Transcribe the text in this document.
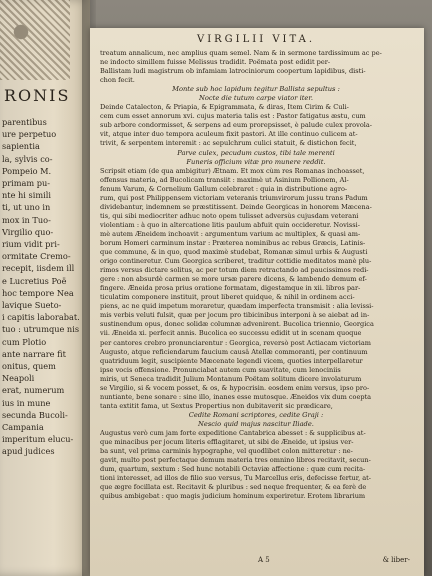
RONIS
parentibus
ure perpetuo
sapientia
la, sylvis co-
Pompeio M.
primam pu-
nte hi simili
ti, ut uno in
mox in Tuo-
Virgilio quo-
rium vidit pri-
ormitate Cremo-
recepit, iisdem ill
e Lucretius Poë
hoc tempore Nea
lavique Sueto-
i capitis laborabat.
tuo : utrumque nis
cum Plotio
ante narrare fit
onitus, quem
Neapoli
erat, numerum
ius in mune
secunda Bucoli-
Campania
imperitum elucu-
apud judices
VIRGILII VITA.
treatum annalicum, nec amplius quam semel. Nam & in sermone tardissimum ac pe-
ne indocto simillem fuisse Melissus tradidit. Poëmata post edidit per-
Ballistam ludi magistrum ob infamiam latrociniorum coopertum lapidibus, disti-
chon fecit.
Monte sub hoc lapidum tegitur Ballista sepultus :
Nocte die tutum carpe viator iter.
Deinde Catalecton, & Priapia, & Epigrammata, & diras, Item Cirim & Culi-
cem cum esset annorum xvi. cujus materia talis est : Pastor fatigatus æstu, cum
sub arbore condormisset, & serpens ad eum prorepsisset, è palude culex provola-
vit, atque inter duo tempora aculeum fixit pastori. At ille continuo culicem at-
trivit, & serpentem interemit : ac sepulchrum culici statuit, & distichon fecit,
Parve culex, pecudum custos, tibi tale merenti
Funeris officium vitæ pro munere reddit.
Scripsit etiam (de qua ambigitur) Ætnam. Et mox cùm res Romanas inchoasset,
offensus materia, ad Bucolicam transiit : maximè ut Asinium Pollionem, Al-
fenum Varum, & Cornelium Gallum celebraret : quia in distributione agro-
rum, qui post Philippensem victoriam veteranis triumvirorum jussu trans Padum
dividebantur, indemnem se præstitissent. Deinde Georgicas in honorem Mæcena-
tis, qui sibi mediocriter adhuc noto opem tulisset adversùs cujusdam veterani
violentiam : à quo in altercatione litis paulum abfuit quin occideretur. Novissi-
mè autem Æneidem inchoavit : argumentum varium ac multiplex, & quasi am-
borum Homeri carminum instar : Præterea nominibus ac rebus Græcis, Latinis-
que commune, & in quo, quod maximè studebat, Romanæ simul urbis & Augusti
origo contineretur. Cum Georgica scriberet, traditur cottidie meditatos manè plu-
rimos versus dictare solitus, ac per totum diem retractando ad paucissimos redi-
gere : non absurdè carmen se more ursæ parere dicens, & lambendo demum ef-
fingere. Æneida prosa prius oratione formatam, digestamque in xii. libros par-
ticulatim componere instituit, prout liberet quidque, & nihil in ordinem acci-
piens, ac ne quid impetum moraretur, quædam imperfecta transmisit : alia levissi-
mis verbis veluti fulsit, quæ per jocum pro tibicinibus interponi à se aiebat ad in-
sustinendum opus, donec solidæ columnæ advenirent. Bucolica triennio, Georgica
vii. Æneida xi. perfecit annis. Bucolica eo successu edidit ut in scenam quoque
per cantores crebro pronunciarentur : Georgica, reversò post Actiacam victoriam
Augusto, atque reficiendarum faucium causâ Atellæ commoranti, per continuum
quatriduum legit, suscipiente Mæcenate legendi vicem, quoties interpellaretur
ipse vocis offensione. Pronunciabat autem cum suavitate, cum lenociniis
miris, ut Seneca tradidit Julium Montanum Poëtam solitum dicere involaturum
se Virgilio, si & vocem posset, & os, & hypocrisin. eosdem enim versus, ipso pro-
nuntiante, bene sonare : sine illo, inanes esse mutosque. Æneidos vix dum coepta
tanta extitit fama, ut Sextus Propertius non dubitaverit sic prædicare,
Cedite Romani scriptores, cedite Graji :
Nescio quid majus nascitur Iliade.
Augustus verò cum jam forte expeditione Cantabrica abesset : & supplicibus at-
que minacibus per jocum literis efflagitaret, ut sibi de Æneide, ut ipsius ver-
ba sunt, vel prima carminis hypographe, vel quodlibet colon mitteretur : ne-
gavit, multo post perfectaque demum materia tres omnino libros recitavit, secun-
dum, quartum, sextum : Sed hunc notabili Octaviæ affectione : quæ cum recita-
tioni interesset, ad illos de filio suo versus, Tu Marcellus eris, defecisse fertur, at-
que ægre focillata est. Recitavit & pluribus : sed neque frequenter, & ea ferè de
quibus ambigebat : quo magis judicium hominum experiretur. Erotem librarium
A 5	& liber-
